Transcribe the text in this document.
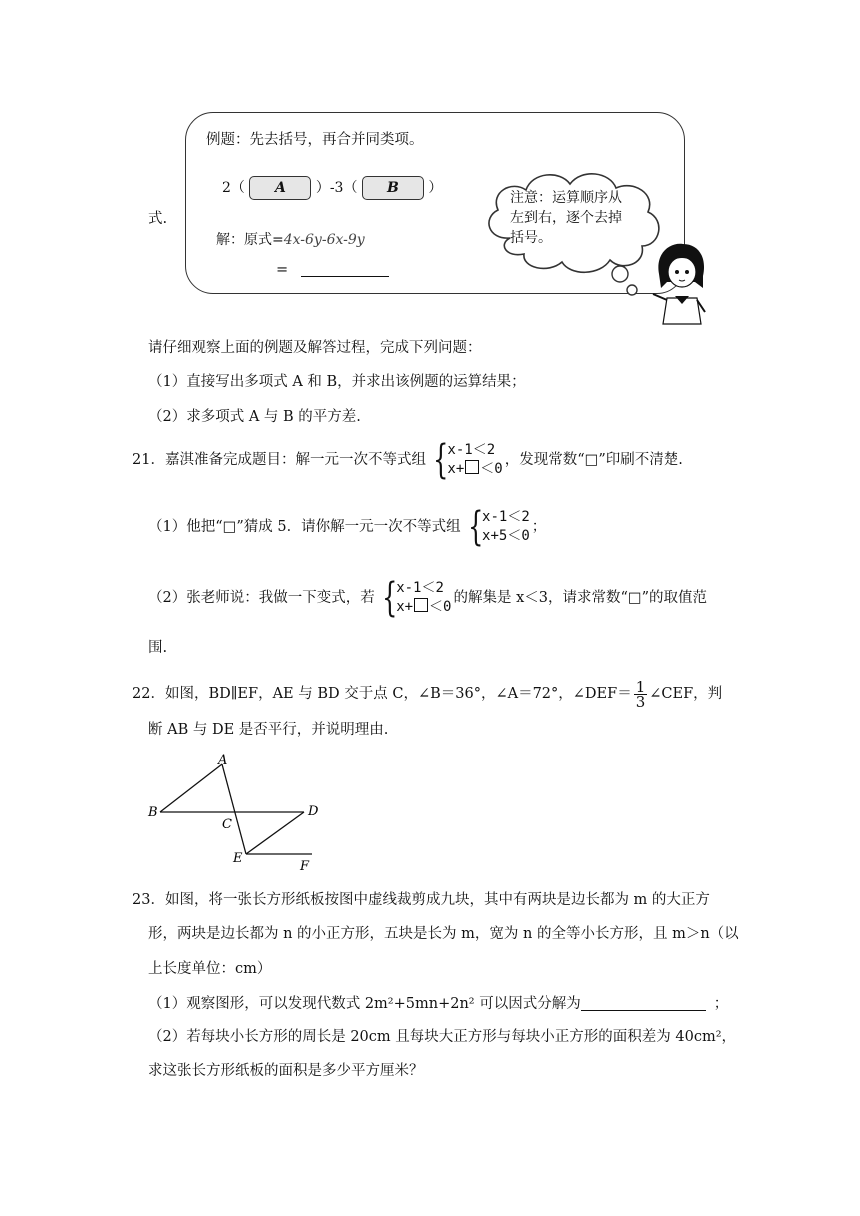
式.
例题：先去括号，再合并同类项。
2（ A ）-3（ B ）
解：原式=4x-6y-6x-9y
=
注意：运算顺序从
左到右，逐个去掉
括号。
请仔细观察上面的例题及解答过程，完成下列问题：
（1）直接写出多项式 A 和 B，并求出该例题的运算结果；
（2）求多项式 A 与 B 的平方差.
21．嘉淇准备完成题目：解一元一次不等式组 { x-1＜2
x+ ＜0
，发现常数“□”印刷不清楚.
（1）他把“□”猜成 5．请你解一元一次不等式组 { x-1＜2
x+5＜0
；
（2）张老师说：我做一下变式，若 { x-1＜2
x+ ＜0
的解集是 x＜3，请求常数“□”的取值范
围.
22．如图，BD∥EF，AE 与 BD 交于点 C，∠B＝36°，∠A＝72°，∠DEF＝ $\frac{1}{3}$ ∠CEF，判
断 AB 与 DE 是否平行，并说明理由.
A
B
C
D
E
F
23．如图，将一张长方形纸板按图中虚线裁剪成九块，其中有两块是边长都为 m 的大正方
形，两块是边长都为 n 的小正方形，五块是长为 m，宽为 n 的全等小长方形，且 m＞n（以
上长度单位：cm）
（1）观察图形，可以发现代数式 2m²+5mn+2n² 可以因式分解为	；
（2）若每块小长方形的周长是 20cm 且每块大正方形与每块小正方形的面积差为 40cm²，
求这张长方形纸板的面积是多少平方厘米？
